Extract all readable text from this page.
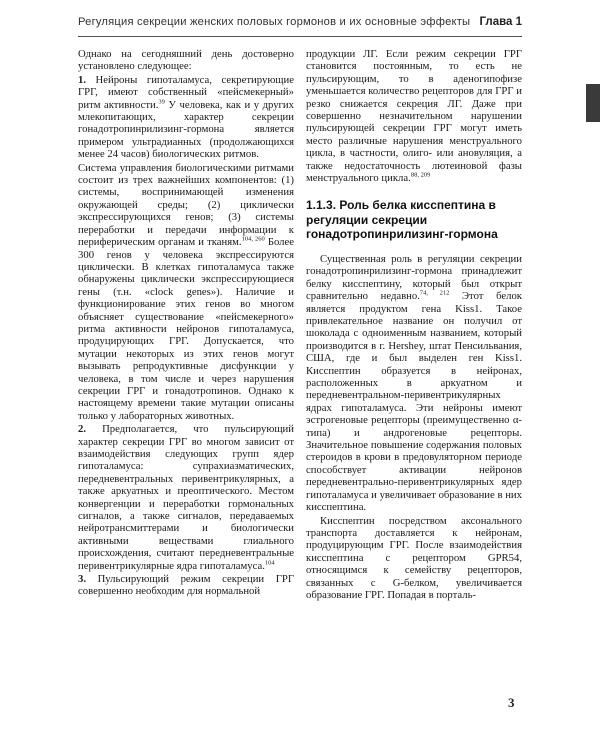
Регуляция секреции женских половых гормонов и их основные эффекты Глава 1

Однако на сегодняшний день достоверно установлено следующее:

1. Нейроны гипоталамуса, секретирующие ГРГ, имеют собственный «пейсмекерный» ритм активности.$^{39}$ У человека, как и у других млекопитающих, характер секреции гонадотропинрилизинг-гормона является примером ультрадианных (продолжающихся менее 24 часов) биологических ритмов.

Система управления биологическими ритмами состоит из трех важнейших компонентов: (1) системы, воспринимающей изменения окружающей среды; (2) циклически экспрессирующихся генов; (3) системы переработки и передачи информации к периферическим органам и тканям.$^{104, 260}$ Более 300 генов у человека экспрессируются циклически. В клетках гипоталамуса также обнаружены циклически экспрессирующиеся гены (т.н. «clock genes»). Наличие и функционирование этих генов во многом объясняет существование «пейсмекерного» ритма активности нейронов гипоталамуса, продуцирующих ГРГ. Допускается, что мутации некоторых из этих генов могут вызывать репродуктивные дисфункции у человека, в том числе и через нарушения секреции ГРГ и гонадотропинов. Однако к настоящему времени такие мутации описаны только у лабораторных животных.

2. Предполагается, что пульсирующий характер секреции ГРГ во многом зависит от взаимодействия следующих групп ядер гипоталамуса: супрахиазматических, передневентральных перивентрикулярных, а также аркуатных и преоптического. Местом конвергенции и переработки гормональных сигналов, а также сигналов, передаваемых нейротрансмиттерами и биологически активными веществами глиального происхождения, считают передневентральные перивентрикулярные ядра гипоталамуса.$^{104}$

3. Пульсирующий режим секреции ГРГ совершенно необходим для нормальной

продукции ЛГ. Если режим секреции ГРГ становится постоянным, то есть не пульсирующим, то в аденогипофизе уменьшается количество рецепторов для ГРГ и резко снижается секреция ЛГ. Даже при совершенно незначительном нарушении пульсирующей секреции ГРГ могут иметь место различные нарушения менструального цикла, в частности, олиго- или ановуляция, а также недостаточность лютеиновой фазы менструального цикла.$^{88, 209}$

1.1.3. Роль белка кисспептина в регуляции секреции гонадотропинрилизинг-гормона

Существенная роль в регуляции секреции гонадотропинрилизинг-гормона принадлежит белку кисспептину, который был открыт сравнительно недавно.$^{74, 212}$ Этот белок является продуктом гена Kiss1. Такое привлекательное название он получил от шоколада с одноименным названием, который производится в г. Hershey, штат Пенсильвания, США, где и был выделен ген Kiss1. Кисспептин образуется в нейронах, расположенных в аркуатном и передневентральном-перивентрикулярных ядрах гипоталамуса. Эти нейроны имеют эстрогеновые рецепторы (преимущественно α-типа) и андрогеновые рецепторы. Значительное повышение содержания половых стероидов в крови в предовуляторном периоде способствует активации нейронов передневентрально-перивентрикулярных ядер гипоталамуса и увеличивает образование в них кисспептина.

Кисспептин посредством аксонального транспорта доставляется к нейронам, продуцирующим ГРГ. После взаимодействия кисспептина с рецептором GPR54, относящимся к семейству рецепторов, связанных с G-белком, увеличивается образование ГРГ. Попадая в порталь-

3
